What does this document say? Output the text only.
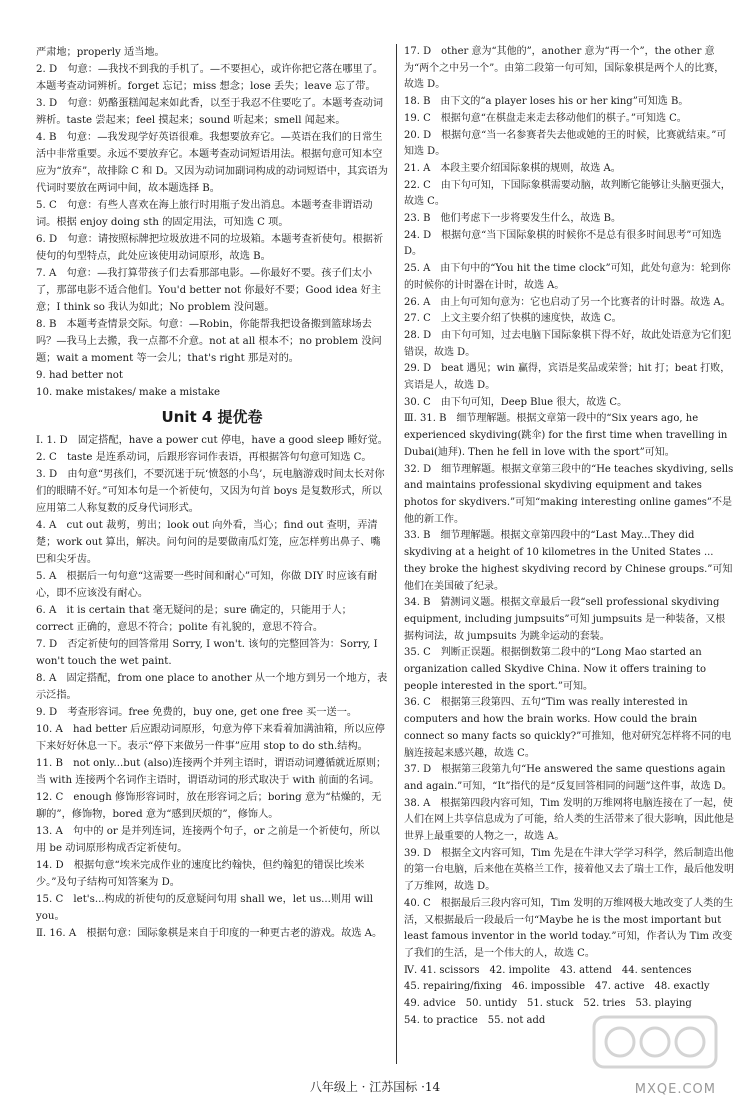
严肃地；properly 适当地。

2. D　句意：—我找不到我的手机了。—不要担心，或许你把它落在哪里了。本题考查动词辨析。forget 忘记；miss 想念；lose 丢失；leave 忘了带。

3. D　句意：奶酪蛋糕闻起来如此香，以至于我忍不住要吃了。本题考查动词辨析。taste 尝起来；feel 摸起来；sound 听起来；smell 闻起来。

4. B　句意：—我发现学好英语很难。我想要放弃它。—英语在我们的日常生活中非常重要。永远不要放弃它。本题考查动词短语用法。根据句意可知本空应为“放弃”，故排除 C 和 D。又因为动词加副词构成的动词短语中，其宾语为代词时要放在两词中间，故本题选择 B。

5. C　句意：有些人喜欢在海上旅行时用瓶子发出消息。本题考查非谓语动词。根据 enjoy doing sth 的固定用法，可知选 C 项。

6. D　句意：请按照标牌把垃圾放进不同的垃圾箱。本题考查祈使句。根据祈使句的句型特点，此处应该使用动词原形，故选 B。

7. A　句意：—我打算带孩子们去看那部电影。—你最好不要。孩子们太小了，那部电影不适合他们。You'd better not 你最好不要；Good idea 好主意；I think so 我认为如此；No problem 没问题。

8. B　本题考查情景交际。句意：—Robin，你能帮我把设备搬到篮球场去吗？—我马上去搬，我一点都不介意。not at all 根本不；no problem 没问题；wait a moment 等一会儿；that's right 那是对的。

9. had better not

10. make mistakes/ make a mistake

Unit 4 提优卷

Ⅰ. 1. D　固定搭配，have a power cut 停电，have a good sleep 睡好觉。

2. C　taste 是连系动词，后跟形容词作表语，再根据答句句意可知选 C。

3. D　由句意“男孩们，不要沉迷于玩‘愤怒的小鸟’，玩电脑游戏时间太长对你们的眼睛不好。”可知本句是一个祈使句，又因为句首 boys 是复数形式，所以应用第二人称复数的反身代词形式。

4. A　cut out 裁剪，剪出；look out 向外看，当心；find out 查明，弄清楚；work out 算出，解决。问句问的是要做南瓜灯笼，应怎样剪出鼻子、嘴巴和尖牙齿。

5. A　根据后一句句意“这需要一些时间和耐心”可知，你做 DIY 时应该有耐心，即不应该没有耐心。

6. A　it is certain that 毫无疑问的是；sure 确定的，只能用于人；correct 正确的，意思不符合；polite 有礼貌的，意思不符合。

7. D　否定祈使句的回答常用 Sorry, I won't. 该句的完整回答为：Sorry, I won't touch the wet paint.

8. A　固定搭配，from one place to another 从一个地方到另一个地方，表示泛指。

9. D　考查形容词。free 免费的，buy one, get one free 买一送一。

10. A　had better 后应跟动词原形，句意为停下来看着加满油箱，所以应停下来好好休息一下。表示“停下来做另一件事”应用 stop to do sth.结构。

11. B　not only...but (also)连接两个并列主语时，谓语动词遵循就近原则；当 with 连接两个名词作主语时，谓语动词的形式取决于 with 前面的名词。

12. C　enough 修饰形容词时，放在形容词之后；boring 意为“枯燥的，无聊的”，修饰物，bored 意为“感到厌烦的”，修饰人。

13. A　句中的 or 是并列连词，连接两个句子，or 之前是一个祈使句，所以用 be 动词原形构成否定祈使句。

14. D　根据句意“埃米完成作业的速度比约翰快，但约翰犯的错误比埃米少。”及句子结构可知答案为 D。

15. C　let's...构成的祈使句的反意疑问句用 shall we，let us...则用 will you。

Ⅱ. 16. A　根据句意：国际象棋是来自于印度的一种更古老的游戏。故选 A。

17. D　other 意为“其他的”，another 意为“再一个”，the other 意为“两个之中另一个”。由第二段第一句可知，国际象棋是两个人的比赛，故选 D。

18. B　由下文的“a player loses his or her king”可知选 B。

19. C　根据句意“在棋盘走来走去移动他们的棋子。”可知选 C。

20. D　根据句意“当一名参赛者失去他或她的王的时候，比赛就结束。”可知选 D。

21. A　本段主要介绍国际象棋的规则，故选 A。

22. C　由下句可知，下国际象棋需要动脑，故判断它能够让头脑更强大，故选 C。

23. B　他们考虑下一步将要发生什么，故选 B。

24. D　根据句意“当下国际象棋的时候你不是总有很多时间思考”可知选 D。

25. A　由下句中的“You hit the time clock”可知，此处句意为：轮到你的时候你的计时器在计时，故选 A。

26. A　由上句可知句意为：它也启动了另一个比赛者的计时器。故选 A。

27. C　上文主要介绍了快棋的速度快，故选 C。

28. D　由下句可知，过去电脑下国际象棋下得不好，故此处语意为它们犯错误，故选 D。

29. D　beat 遇见；win 赢得，宾语是奖品或荣誉；hit 打；beat 打败，宾语是人，故选 D。

30. C　由下句可知，Deep Blue 很大，故选 C。

Ⅲ. 31. B　细节理解题。根据文章第一段中的“Six years ago, he experienced skydiving(跳伞) for the first time when travelling in Dubai(迪拜). Then he fell in love with the sport”可知。

32. D　细节理解题。根据文章第三段中的“He teaches skydiving, sells and maintains professional skydiving equipment and takes photos for skydivers.”可知“making interesting online games”不是他的新工作。

33. B　细节理解题。根据文章第四段中的“Last May...They did skydiving at a height of 10 kilometres in the United States ... they broke the highest skydiving record by Chinese groups.”可知他们在美国破了纪录。

34. B　猜测词义题。根据文章最后一段“sell professional skydiving equipment, including jumpsuits”可知 jumpsuits 是一种装备，又根据构词法，故 jumpsuits 为跳伞运动的套装。

35. C　判断正误题。根据倒数第二段中的“Long Mao started an organization called Skydive China. Now it offers training to people interested in the sport.”可知。

36. C　根据第三段第四、五句“Tim was really interested in computers and how the brain works. How could the brain connect so many facts so quickly?”可推知，他对研究怎样将不同的电脑连接起来感兴趣，故选 C。

37. D　根据第三段第九句“He answered the same questions again and again.”可知，“It”指代的是“反复回答相同的问题”这件事，故选 D。

38. A　根据第四段内容可知，Tim 发明的万维网将电脑连接在了一起，使人们在网上共享信息成为了可能，给人类的生活带来了很大影响，因此他是世界上最重要的人物之一，故选 A。

39. D　根据全文内容可知，Tim 先是在牛津大学学习科学，然后制造出他的第一台电脑，后来他在英格兰工作，接着他又去了瑞士工作，最后他发明了万维网，故选 D。

40. C　根据最后三段内容可知，Tim 发明的万维网极大地改变了人类的生活，又根据最后一段最后一句“Maybe he is the most important but least famous inventor in the world today.”可知，作者认为 Tim 改变了我们的生活，是一个伟大的人，故选 C。

Ⅳ. 41. scissors　42. impolite　43. attend　44. sentences

45. repairing/fixing　46. impossible　47. active　48. exactly

49. advice　50. untidy　51. stuck　52. tries　53. playing

54. to practice　55. not add

八年级上 · 江苏国标 ·14	MXQE.COM
